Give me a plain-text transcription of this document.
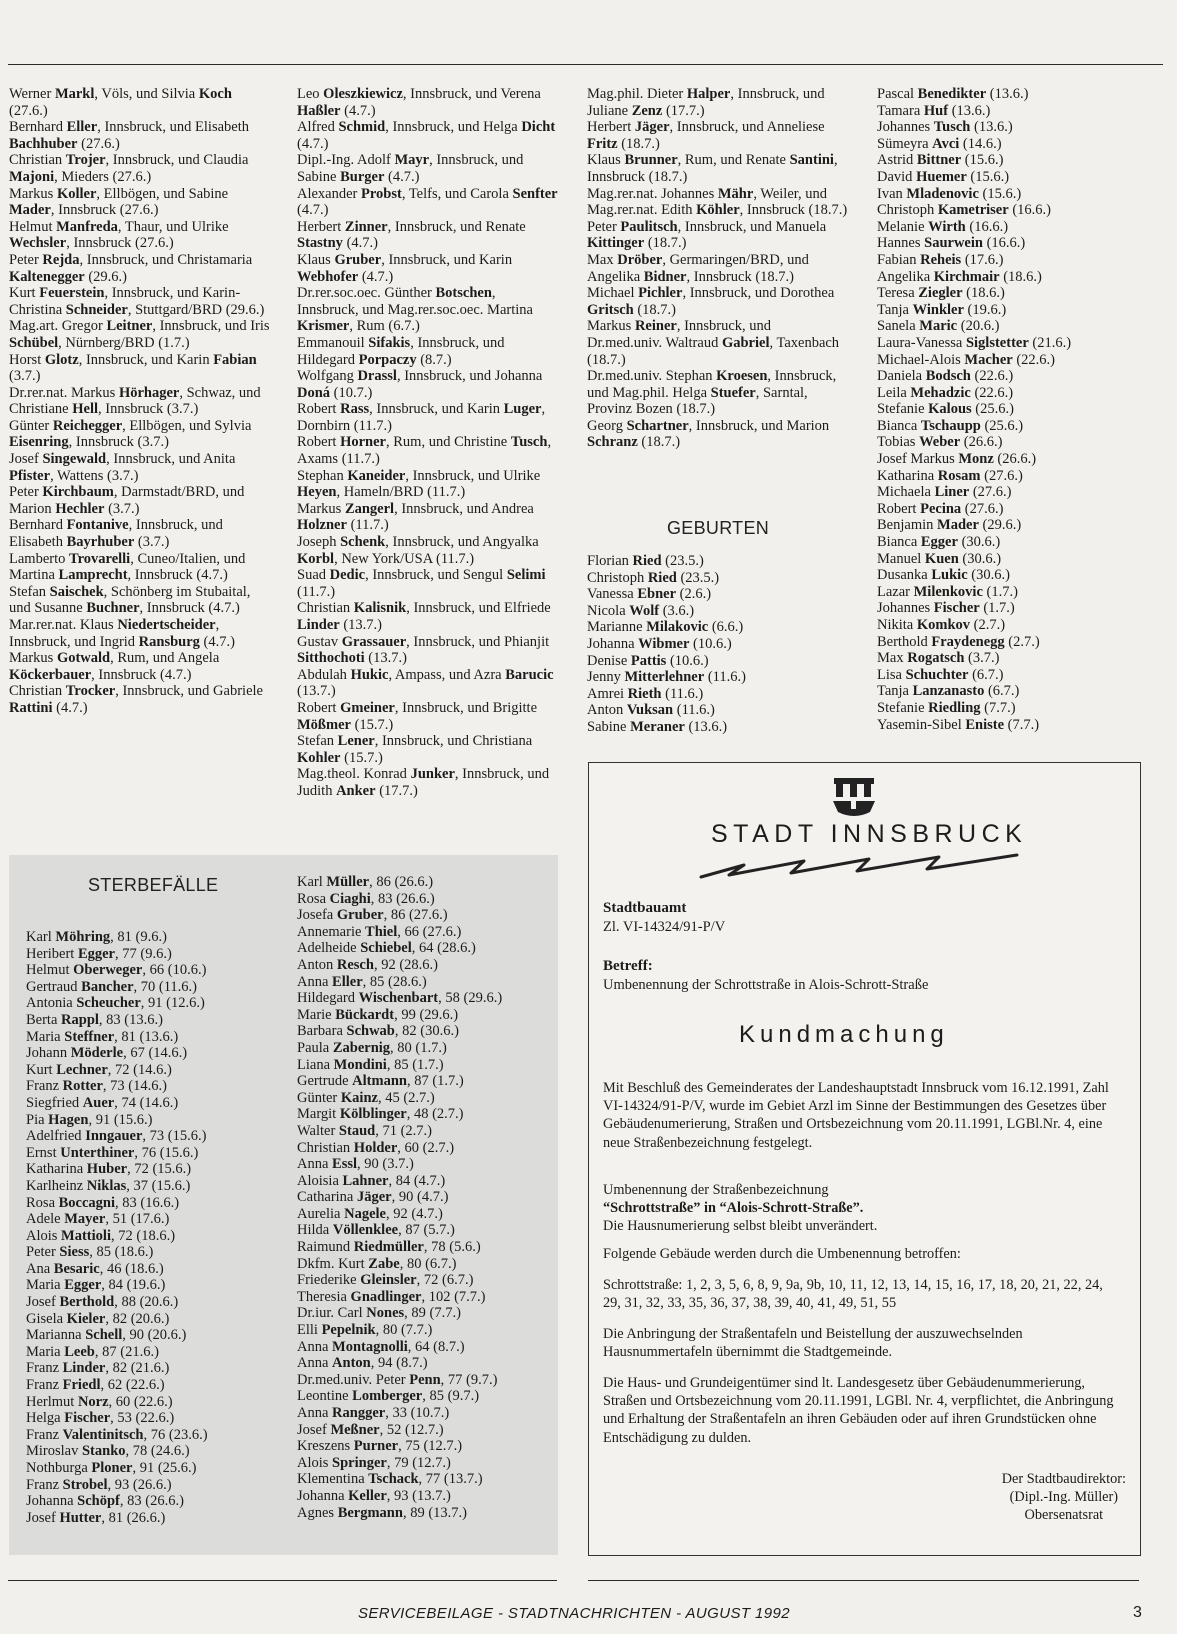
Werner Markl, Völs, und Silvia Koch (27.6.)

Bernhard Eller, Innsbruck, und Elisabeth Bachhuber (27.6.)

Christian Trojer, Innsbruck, und Claudia Majoni, Mieders (27.6.)

Markus Koller, Ellbögen, und Sabine Mader, Innsbruck (27.6.)

Helmut Manfreda, Thaur, und Ulrike Wechsler, Innsbruck (27.6.)

Peter Rejda, Innsbruck, und Christamaria Kaltenegger (29.6.)

Kurt Feuerstein, Innsbruck, und Karin-Christina Schneider, Stuttgard/BRD (29.6.)

Mag.art. Gregor Leitner, Innsbruck, und Iris Schübel, Nürnberg/BRD (1.7.)

Horst Glotz, Innsbruck, und Karin Fabian (3.7.)

Dr.rer.nat. Markus Hörhager, Schwaz, und Christiane Hell, Innsbruck (3.7.)

Günter Reichegger, Ellbögen, und Sylvia Eisenring, Innsbruck (3.7.)

Josef Singewald, Innsbruck, und Anita Pfister, Wattens (3.7.)

Peter Kirchbaum, Darmstadt/BRD, und Marion Hechler (3.7.)

Bernhard Fontanive, Innsbruck, und Elisabeth Bayrhuber (3.7.)

Lamberto Trovarelli, Cuneo/Italien, und Martina Lamprecht, Innsbruck (4.7.)

Stefan Saischek, Schönberg im Stubaital, und Susanne Buchner, Innsbruck (4.7.)

Mar.rer.nat. Klaus Niedertscheider, Innsbruck, und Ingrid Ransburg (4.7.)

Markus Gotwald, Rum, und Angela Köckerbauer, Innsbruck (4.7.)

Christian Trocker, Innsbruck, und Gabriele Rattini (4.7.)

Leo Oleszkiewicz, Innsbruck, und Verena Haßler (4.7.)

Alfred Schmid, Innsbruck, und Helga Dicht (4.7.)

Dipl.-Ing. Adolf Mayr, Innsbruck, und Sabine Burger (4.7.)

Alexander Probst, Telfs, und Carola Senfter (4.7.)

Herbert Zinner, Innsbruck, und Renate Stastny (4.7.)

Klaus Gruber, Innsbruck, und Karin Webhofer (4.7.)

Dr.rer.soc.oec. Günther Botschen, Innsbruck, und Mag.rer.soc.oec. Martina Krismer, Rum (6.7.)

Emmanouil Sifakis, Innsbruck, und Hildegard Porpaczy (8.7.)

Wolfgang Drassl, Innsbruck, und Johanna Doná (10.7.)

Robert Rass, Innsbruck, und Karin Luger, Dornbirn (11.7.)

Robert Horner, Rum, und Christine Tusch, Axams (11.7.)

Stephan Kaneider, Innsbruck, und Ulrike Heyen, Hameln/BRD (11.7.)

Markus Zangerl, Innsbruck, und Andrea Holzner (11.7.)

Joseph Schenk, Innsbruck, und Angyalka Korbl, New York/USA (11.7.)

Suad Dedic, Innsbruck, und Sengul Selimi (11.7.)

Christian Kalisnik, Innsbruck, und Elfriede Linder (13.7.)

Gustav Grassauer, Innsbruck, und Phianjit Sitthochoti (13.7.)

Abdulah Hukic, Ampass, und Azra Barucic (13.7.)

Robert Gmeiner, Innsbruck, und Brigitte Mößmer (15.7.)

Stefan Lener, Innsbruck, und Christiana Kohler (15.7.)

Mag.theol. Konrad Junker, Innsbruck, und Judith Anker (17.7.)

Mag.phil. Dieter Halper, Innsbruck, und Juliane Zenz (17.7.)

Herbert Jäger, Innsbruck, und Anneliese Fritz (18.7.)

Klaus Brunner, Rum, und Renate Santini, Innsbruck (18.7.)

Mag.rer.nat. Johannes Mähr, Weiler, und Mag.rer.nat. Edith Köhler, Innsbruck (18.7.)

Peter Paulitsch, Innsbruck, und Manuela Kittinger (18.7.)

Max Dröber, Germaringen/BRD, und Angelika Bidner, Innsbruck (18.7.)

Michael Pichler, Innsbruck, und Dorothea Gritsch (18.7.)

Markus Reiner, Innsbruck, und Dr.med.univ. Waltraud Gabriel, Taxenbach (18.7.)

Dr.med.univ. Stephan Kroesen, Innsbruck, und Mag.phil. Helga Stuefer, Sarntal, Provinz Bozen (18.7.)

Georg Schartner, Innsbruck, und Marion Schranz (18.7.)

GEBURTEN

Florian Ried (23.5.)

Christoph Ried (23.5.)

Vanessa Ebner (2.6.)

Nicola Wolf (3.6.)

Marianne Milakovic (6.6.)

Johanna Wibmer (10.6.)

Denise Pattis (10.6.)

Jenny Mitterlehner (11.6.)

Amrei Rieth (11.6.)

Anton Vuksan (11.6.)

Sabine Meraner (13.6.)

Pascal Benedikter (13.6.)

Tamara Huf (13.6.)

Johannes Tusch (13.6.)

Sümeyra Avci (14.6.)

Astrid Bittner (15.6.)

David Huemer (15.6.)

Ivan Mladenovic (15.6.)

Christoph Kametriser (16.6.)

Melanie Wirth (16.6.)

Hannes Saurwein (16.6.)

Fabian Reheis (17.6.)

Angelika Kirchmair (18.6.)

Teresa Ziegler (18.6.)

Tanja Winkler (19.6.)

Sanela Maric (20.6.)

Laura-Vanessa Siglstetter (21.6.)

Michael-Alois Macher (22.6.)

Daniela Bodsch (22.6.)

Leila Mehadzic (22.6.)

Stefanie Kalous (25.6.)

Bianca Tschaupp (25.6.)

Tobias Weber (26.6.)

Josef Markus Monz (26.6.)

Katharina Rosam (27.6.)

Michaela Liner (27.6.)

Robert Pecina (27.6.)

Benjamin Mader (29.6.)

Bianca Egger (30.6.)

Manuel Kuen (30.6.)

Dusanka Lukic (30.6.)

Lazar Milenkovic (1.7.)

Johannes Fischer (1.7.)

Nikita Komkov (2.7.)

Berthold Fraydenegg (2.7.)

Max Rogatsch (3.7.)

Lisa Schuchter (6.7.)

Tanja Lanzanasto (6.7.)

Stefanie Riedling (7.7.)

Yasemin-Sibel Eniste (7.7.)

STERBEFÄLLE

Karl Möhring, 81 (9.6.)

Heribert Egger, 77 (9.6.)

Helmut Oberweger, 66 (10.6.)

Gertraud Bancher, 70 (11.6.)

Antonia Scheucher, 91 (12.6.)

Berta Rappl, 83 (13.6.)

Maria Steffner, 81 (13.6.)

Johann Möderle, 67 (14.6.)

Kurt Lechner, 72 (14.6.)

Franz Rotter, 73 (14.6.)

Siegfried Auer, 74 (14.6.)

Pia Hagen, 91 (15.6.)

Adelfried Inngauer, 73 (15.6.)

Ernst Unterthiner, 76 (15.6.)

Katharina Huber, 72 (15.6.)

Karlheinz Niklas, 37 (15.6.)

Rosa Boccagni, 83 (16.6.)

Adele Mayer, 51 (17.6.)

Alois Mattioli, 72 (18.6.)

Peter Siess, 85 (18.6.)

Ana Besaric, 46 (18.6.)

Maria Egger, 84 (19.6.)

Josef Berthold, 88 (20.6.)

Gisela Kieler, 82 (20.6.)

Marianna Schell, 90 (20.6.)

Maria Leeb, 87 (21.6.)

Franz Linder, 82 (21.6.)

Franz Friedl, 62 (22.6.)

Herlmut Norz, 60 (22.6.)

Helga Fischer, 53 (22.6.)

Franz Valentinitsch, 76 (23.6.)

Miroslav Stanko, 78 (24.6.)

Nothburga Ploner, 91 (25.6.)

Franz Strobel, 93 (26.6.)

Johanna Schöpf, 83 (26.6.)

Josef Hutter, 81 (26.6.)

Karl Müller, 86 (26.6.)

Rosa Ciaghi, 83 (26.6.)

Josefa Gruber, 86 (27.6.)

Annemarie Thiel, 66 (27.6.)

Adelheide Schiebel, 64 (28.6.)

Anton Resch, 92 (28.6.)

Anna Eller, 85 (28.6.)

Hildegard Wischenbart, 58 (29.6.)

Marie Bückardt, 99 (29.6.)

Barbara Schwab, 82 (30.6.)

Paula Zabernig, 80 (1.7.)

Liana Mondini, 85 (1.7.)

Gertrude Altmann, 87 (1.7.)

Günter Kainz, 45 (2.7.)

Margit Kölblinger, 48 (2.7.)

Walter Staud, 71 (2.7.)

Christian Holder, 60 (2.7.)

Anna Essl, 90 (3.7.)

Aloisia Lahner, 84 (4.7.)

Catharina Jäger, 90 (4.7.)

Aurelia Nagele, 92 (4.7.)

Hilda Völlenklee, 87 (5.7.)

Raimund Riedmüller, 78 (5.6.)

Dkfm. Kurt Zabe, 80 (6.7.)

Friederike Gleinsler, 72 (6.7.)

Theresia Gnadlinger, 102 (7.7.)

Dr.iur. Carl Nones, 89 (7.7.)

Elli Pepelnik, 80 (7.7.)

Anna Montagnolli, 64 (8.7.)

Anna Anton, 94 (8.7.)

Dr.med.univ. Peter Penn, 77 (9.7.)

Leontine Lomberger, 85 (9.7.)

Anna Rangger, 33 (10.7.)

Josef Meßner, 52 (12.7.)

Kreszens Purner, 75 (12.7.)

Alois Springer, 79 (12.7.)

Klementina Tschack, 77 (13.7.)

Johanna Keller, 93 (13.7.)

Agnes Bergmann, 89 (13.7.)

STADT INNSBRUCK
Stadtbauamt
Zl. VI-14324/91-P/V
Betreff:
Umbenennung der Schrottstraße in Alois-Schrott-Straße
Kundmachung

Mit Beschluß des Gemeinderates der Landeshauptstadt Innsbruck vom 16.12.1991, Zahl VI-14324/91-P/V, wurde im Gebiet Arzl im Sinne der Bestimmungen des Gesetzes über Gebäudenumerierung, Straßen und Ortsbezeichnung vom 20.11.1991, LGBl.Nr. 4, eine neue Straßenbezeichnung festgelegt.

Umbenennung der Straßenbezeichnung
“Schrottstraße” in “Alois-Schrott-Straße”.
Die Hausnumerierung selbst bleibt unverändert.

Folgende Gebäude werden durch die Umbenennung betroffen:

Schrottstraße: 1, 2, 3, 5, 6, 8, 9, 9a, 9b, 10, 11, 12, 13, 14, 15, 16, 17, 18, 20, 21, 22, 24, 29, 31, 32, 33, 35, 36, 37, 38, 39, 40, 41, 49, 51, 55

Die Anbringung der Straßentafeln und Beistellung der auszuwechselnden Hausnummertafeln übernimmt die Stadtgemeinde.

Die Haus- und Grundeigentümer sind lt. Landesgesetz über Gebäudenummerierung, Straßen und Ortsbezeichnung vom 20.11.1991, LGBl. Nr. 4, verpflichtet, die Anbringung und Erhaltung der Straßentafeln an ihren Gebäuden oder auf ihren Grundstücken ohne Entschädigung zu dulden.

Der Stadtbaudirektor:
(Dipl.-Ing. Müller)
Obersenatsrat
SERVICEBEILAGE - STADTNACHRICHTEN - AUGUST 1992	3
